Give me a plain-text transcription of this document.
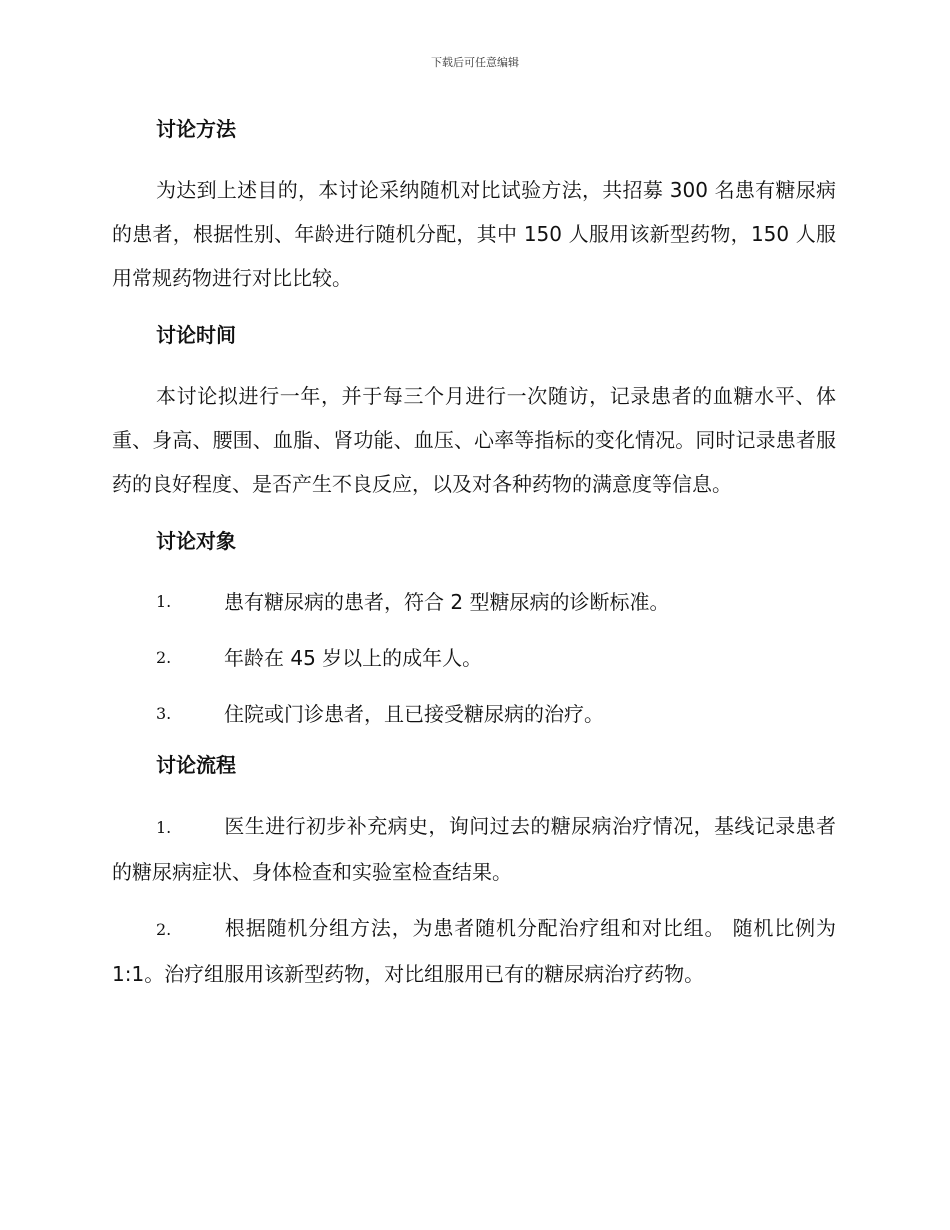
下载后可任意编辑
讨论方法

为达到上述目的，本讨论采纳随机对比试验方法，共招募 300 名患有糖尿病的患者，根据性别、年龄进行随机分配，其中 150 人服用该新型药物，150 人服用常规药物进行对比比较。

讨论时间

本讨论拟进行一年，并于每三个月进行一次随访，记录患者的血糖水平、体重、身高、腰围、血脂、肾功能、血压、心率等指标的变化情况。同时记录患者服药的良好程度、是否产生不良反应，以及对各种药物的满意度等信息。

讨论对象

1.	患有糖尿病的患者，符合 2 型糖尿病的诊断标准。

2.	年龄在 45 岁以上的成年人。

3.	住院或门诊患者，且已接受糖尿病的治疗。

讨论流程

1.	医生进行初步补充病史，询问过去的糖尿病治疗情况，基线记录患者的糖尿病症状、身体检查和实验室检查结果。

2.	根据随机分组方法，为患者随机分配治疗组和对比组。 随机比例为 1:1。治疗组服用该新型药物，对比组服用已有的糖尿病治疗药物。
